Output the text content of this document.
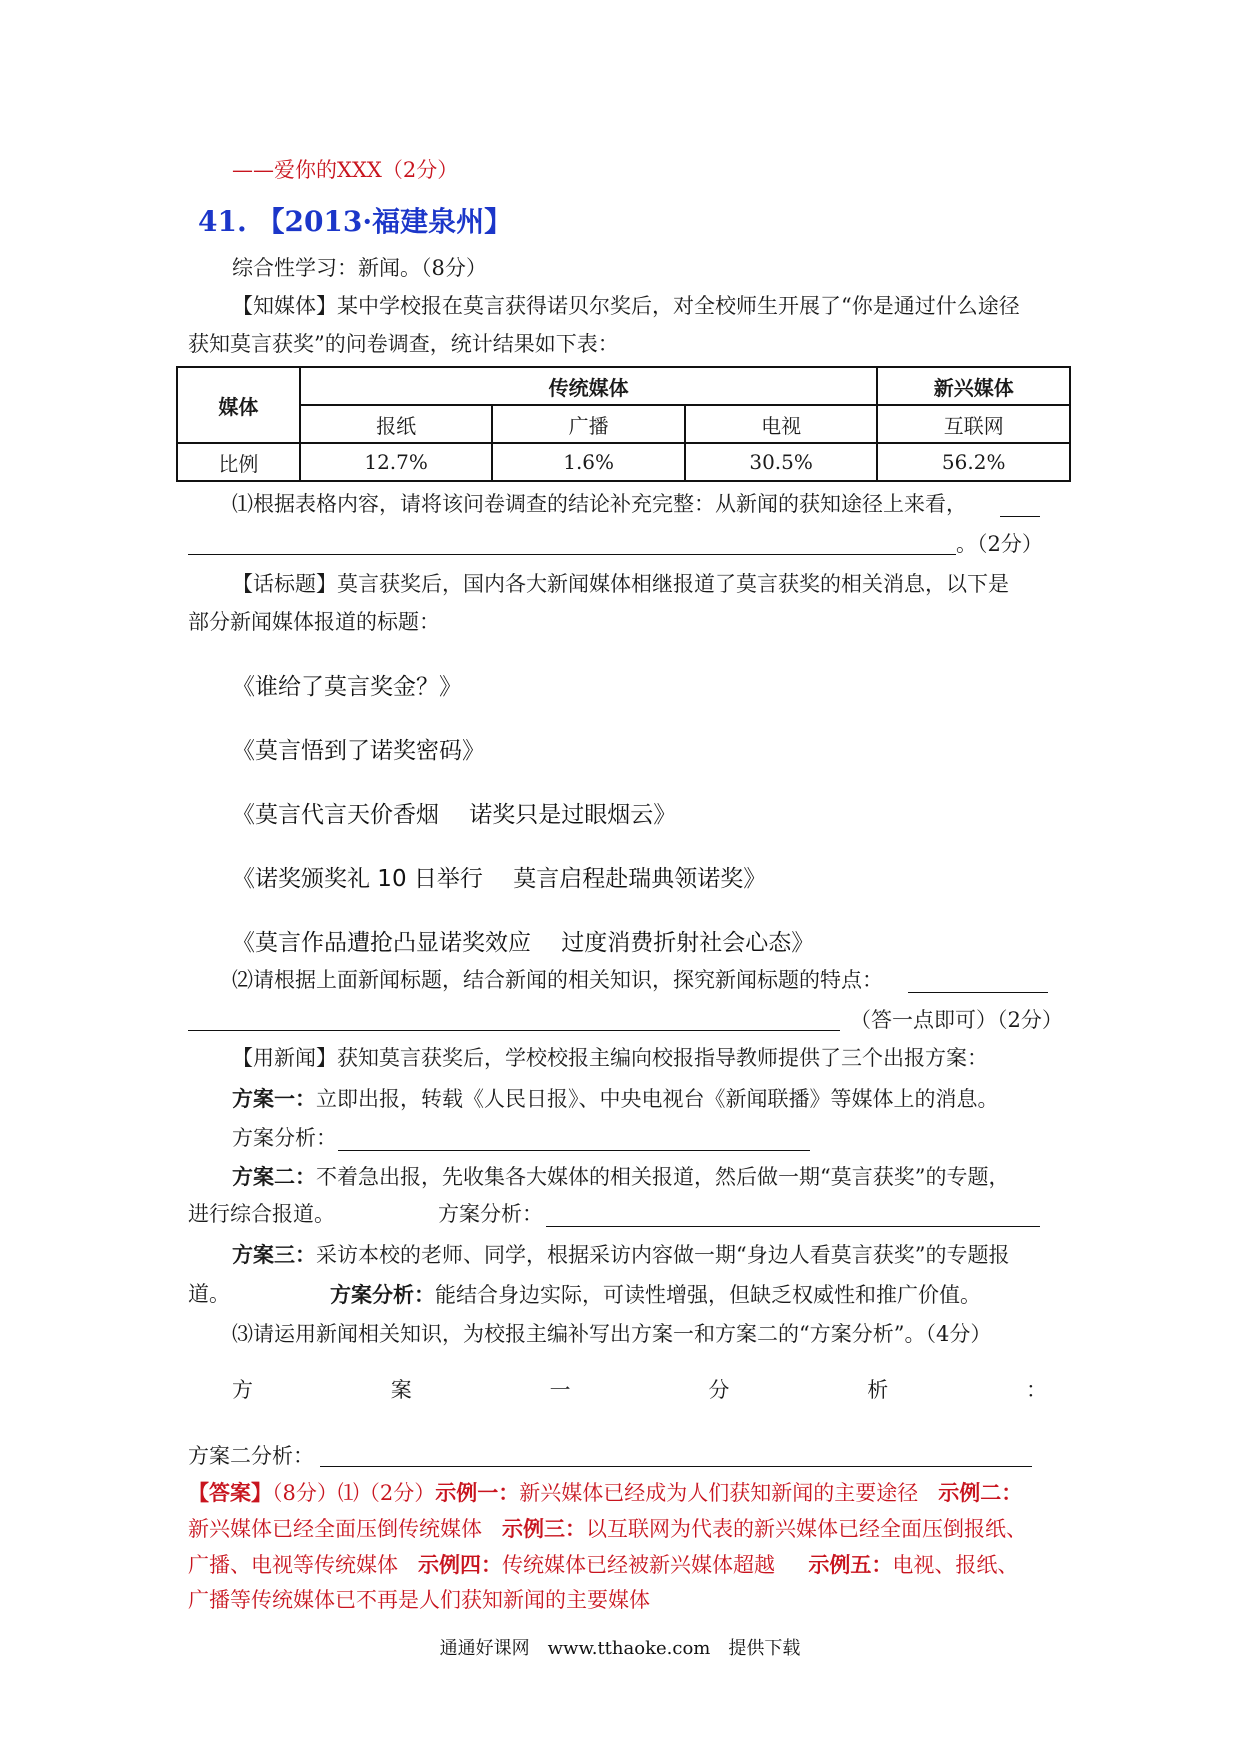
——爱你的XXX（2分）
41. 【2013·福建泉州】
综合性学习：新闻。（8分）
【知媒体】某中学校报在莫言获得诺贝尔奖后，对全校师生开展了“你是通过什么途径
获知莫言获奖”的问卷调查，统计结果如下表：
媒体	传统媒体			新兴媒体
	报纸	广播	电视	互联网
比例	12.7%	1.6%	30.5%	56.2%
⑴根据表格内容，请将该问卷调查的结论补充完整：从新闻的获知途径上来看，
。（2分）
【话标题】莫言获奖后，国内各大新闻媒体相继报道了莫言获奖的相关消息，以下是
部分新闻媒体报道的标题：
《谁给了莫言奖金？》
《莫言悟到了诺奖密码》
《莫言代言天价香烟　 诺奖只是过眼烟云》
《诺奖颁奖礼 10 日举行　 莫言启程赴瑞典领诺奖》
《莫言作品遭抢凸显诺奖效应　 过度消费折射社会心态》
⑵请根据上面新闻标题，结合新闻的相关知识，探究新闻标题的特点：
（答一点即可）（2分）
【用新闻】获知莫言获奖后，学校校报主编向校报指导教师提供了三个出报方案：
方案一：立即出报，转载《人民日报》、中央电视台《新闻联播》等媒体上的消息。
方案分析：
方案二：不着急出报，先收集各大媒体的相关报道，然后做一期“莫言获奖”的专题，
进行综合报道。	方案分析：
方案三：采访本校的老师、同学，根据采访内容做一期“身边人看莫言获奖”的专题报
道。	方案分析：能结合身边实际，可读性增强，但缺乏权威性和推广价值。
⑶请运用新闻相关知识，为校报主编补写出方案一和方案二的“方案分析”。（4分）
方	案	一	分	析	：
方案二分析：
【答案】（8分）⑴（2分）示例一：新兴媒体已经成为人们获知新闻的主要途径 示例二：
新兴媒体已经全面压倒传统媒体 示例三：以互联网为代表的新兴媒体已经全面压倒报纸、
广播、电视等传统媒体 示例四：传统媒体已经被新兴媒体超越 示例五：电视、报纸、
广播等传统媒体已不再是人们获知新闻的主要媒体
通通好课网　www.tthaoke.com　提供下载
